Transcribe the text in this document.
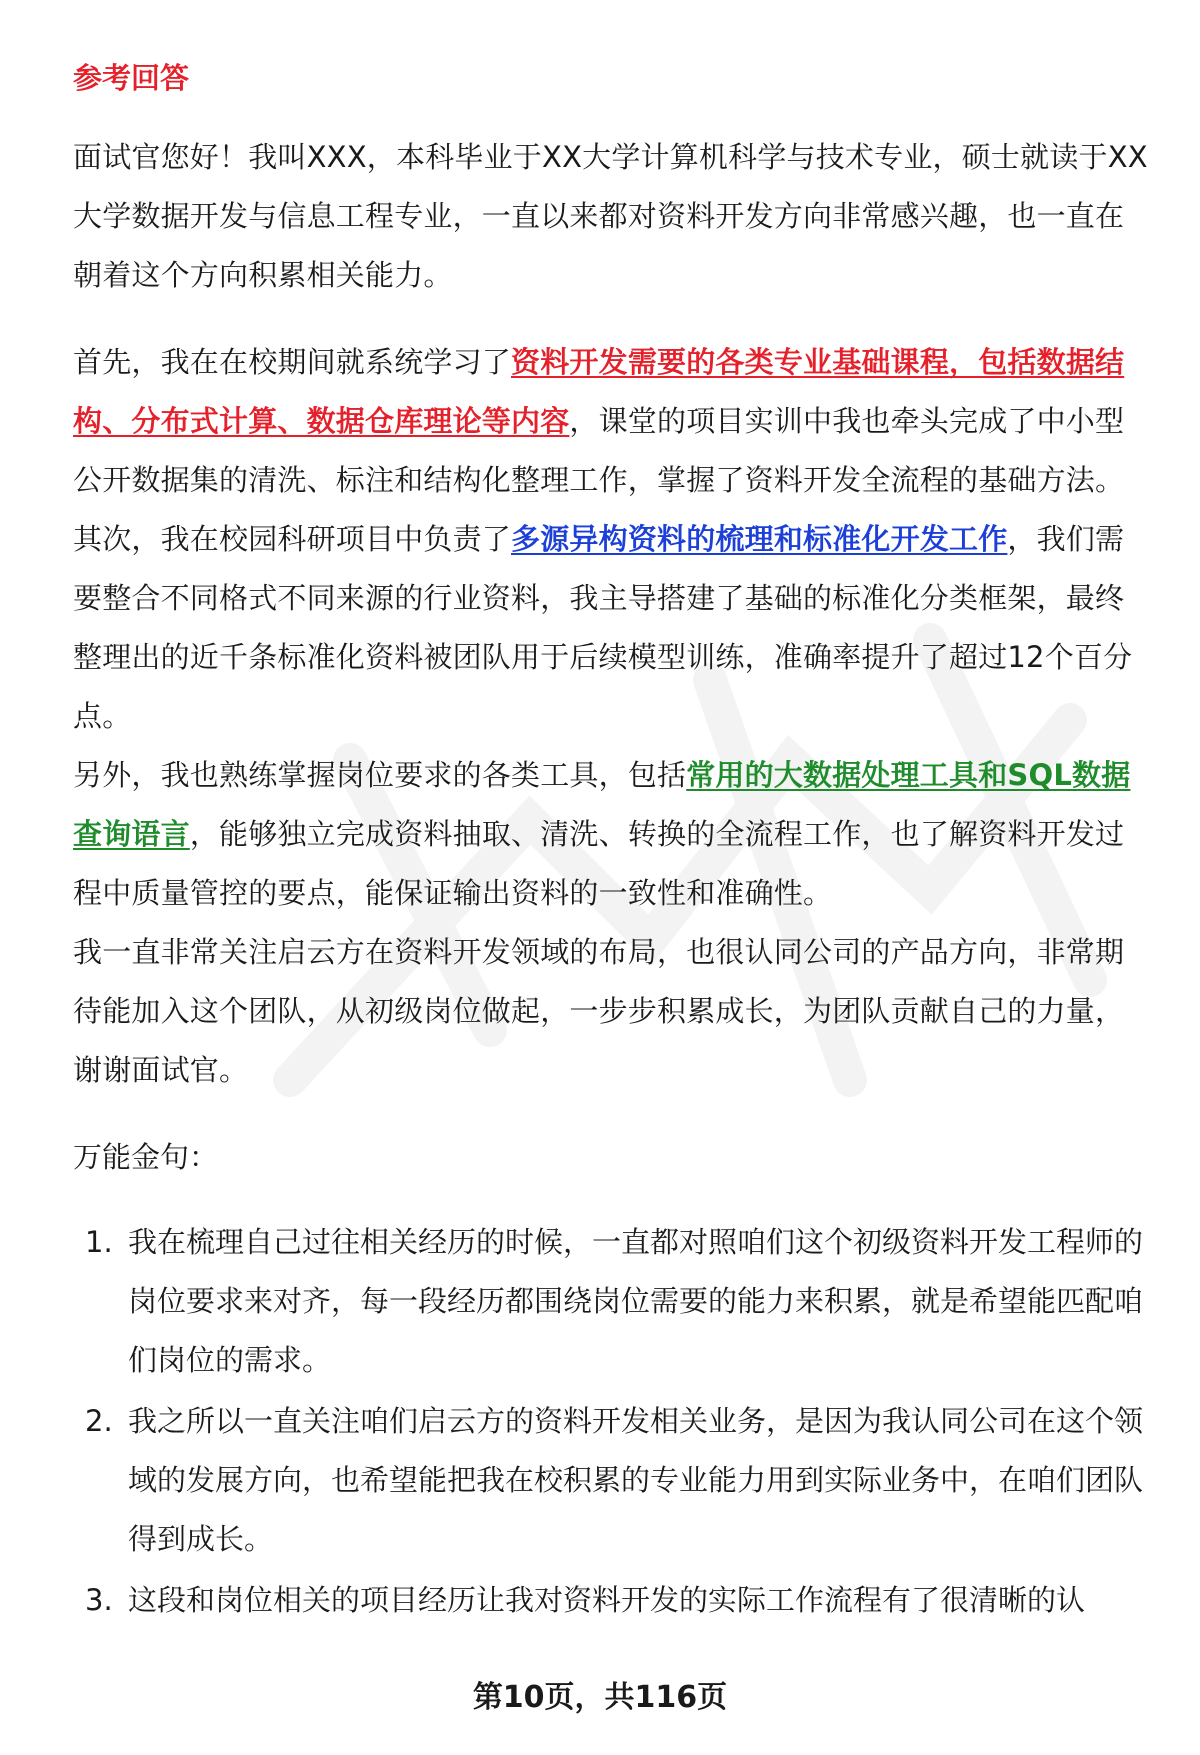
参考回答

面试官您好！我叫XXX，本科毕业于XX大学计算机科学与技术专业，硕士就读于XX大学数据开发与信息工程专业，一直以来都对资料开发方向非常感兴趣，也一直在朝着这个方向积累相关能力。

首先，我在在校期间就系统学习了资料开发需要的各类专业基础课程，包括数据结构、分布式计算、数据仓库理论等内容，课堂的项目实训中我也牵头完成了中小型公开数据集的清洗、标注和结构化整理工作，掌握了资料开发全流程的基础方法。

其次，我在校园科研项目中负责了多源异构资料的梳理和标准化开发工作，我们需要整合不同格式不同来源的行业资料，我主导搭建了基础的标准化分类框架，最终整理出的近千条标准化资料被团队用于后续模型训练，准确率提升了超过12个百分点。

另外，我也熟练掌握岗位要求的各类工具，包括常用的大数据处理工具和SQL数据查询语言，能够独立完成资料抽取、清洗、转换的全流程工作，也了解资料开发过程中质量管控的要点，能保证输出资料的一致性和准确性。

我一直非常关注启云方在资料开发领域的布局，也很认同公司的产品方向，非常期待能加入这个团队，从初级岗位做起，一步步积累成长，为团队贡献自己的力量，谢谢面试官。

万能金句：
1. 我在梳理自己过往相关经历的时候，一直都对照咱们这个初级资料开发工程师的岗位要求来对齐，每一段经历都围绕岗位需要的能力来积累，就是希望能匹配咱们岗位的需求。
2. 我之所以一直关注咱们启云方的资料开发相关业务，是因为我认同公司在这个领域的发展方向，也希望能把我在校积累的专业能力用到实际业务中，在咱们团队得到成长。
3. 这段和岗位相关的项目经历让我对资料开发的实际工作流程有了很清晰的认
第10页，共116页
